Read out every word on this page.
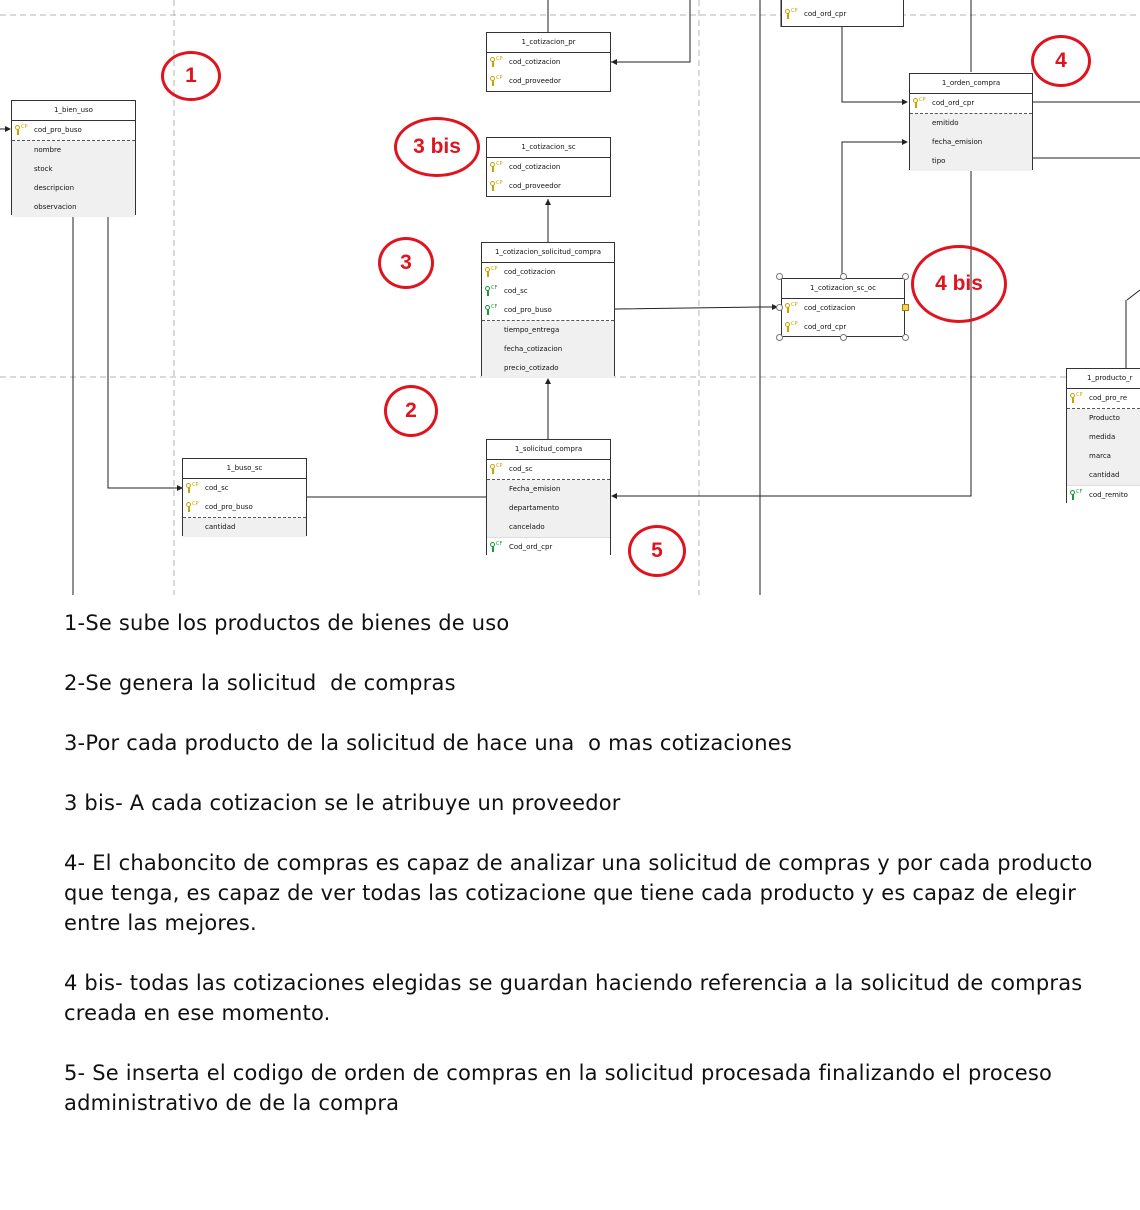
CP cod_ord_cpr
1_bien_uso
CP cod_pro_buso
nombre
stock
descripcion
observacion
1_cotizacion_pr
CP cod_cotizacion
CP cod_proveedor
1_cotizacion_sc
CP cod_cotizacion
CP cod_proveedor
1_cotizacion_solicitud_compra
CP cod_cotizacion
CF cod_sc
CF cod_pro_buso
tiempo_entrega
fecha_cotizacion
precio_cotizado
1_orden_compra
CP cod_ord_cpr
emitido
fecha_emision
tipo
1_cotizacion_sc_oc
CP cod_cotizacion
CP cod_ord_cpr
1_buso_sc
CP cod_sc
CP cod_pro_buso
cantidad
1_solicitud_compra
CP cod_sc
Fecha_emision
departamento
cancelado
CF Cod_ord_cpr
1_producto_r
CP cod_pro_re
Producto
medida
marca
cantidad
CF cod_remito
1
3 bis
3
2
5
4
4 bis

1-Se sube los productos de bienes de uso

2-Se genera la solicitud  de compras

3-Por cada producto de la solicitud de hace una  o mas cotizaciones

3 bis- A cada cotizacion se le atribuye un proveedor

4- El chaboncito de compras es capaz de analizar una solicitud de compras y por cada producto que tenga, es capaz de ver todas las cotizacione que tiene cada producto y es capaz de elegir entre las mejores.

4 bis- todas las cotizaciones elegidas se guardan haciendo referencia a la solicitud de compras creada en ese momento.

5- Se inserta el codigo de orden de compras en la solicitud procesada finalizando el proceso administrativo de de la compra
